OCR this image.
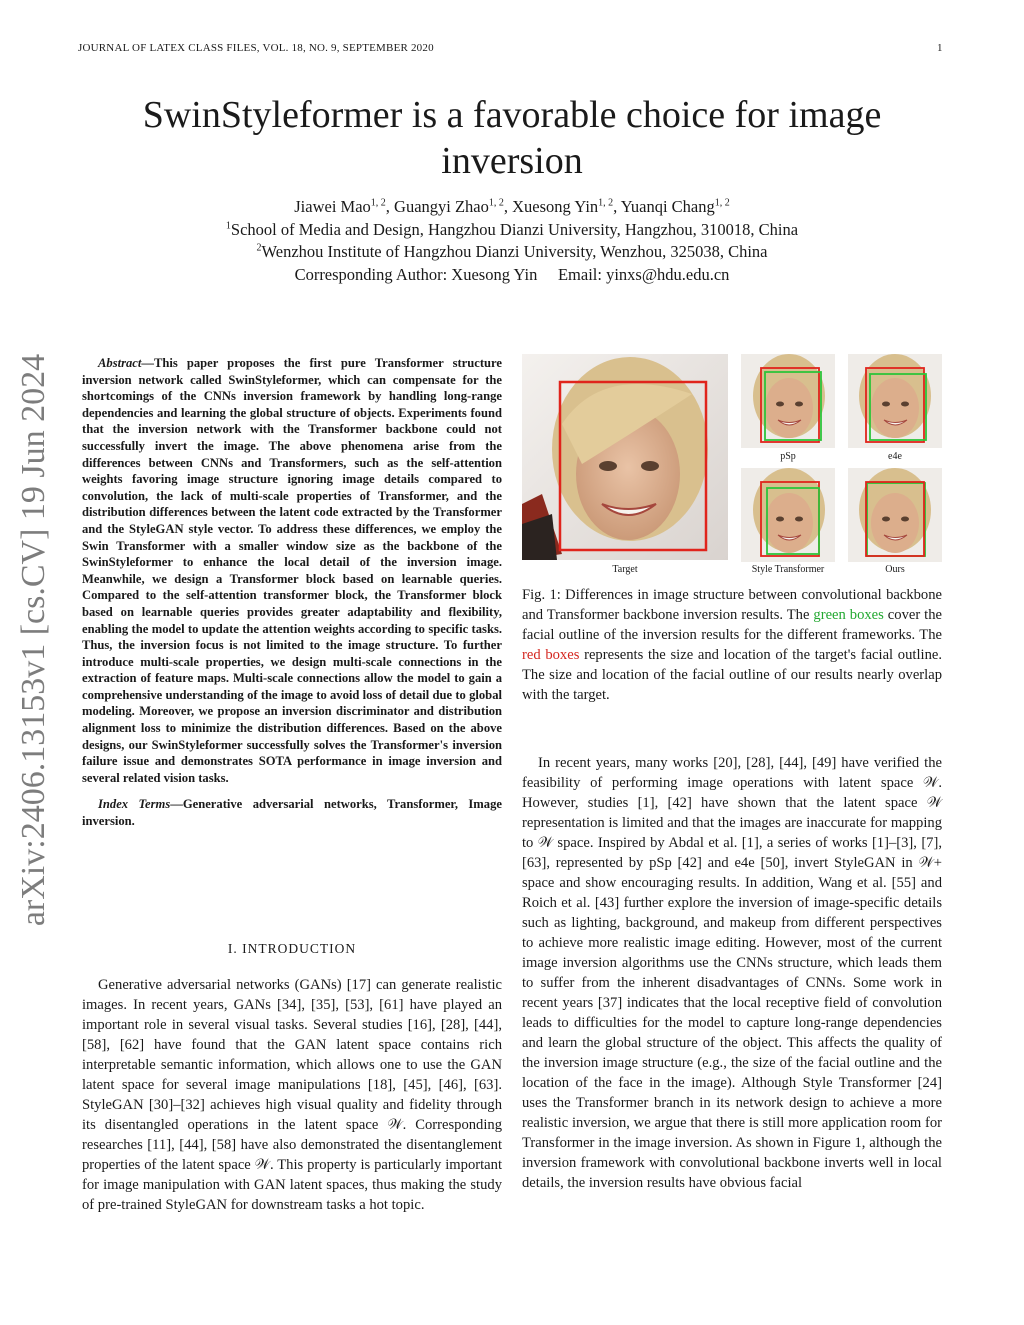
JOURNAL OF LATEX CLASS FILES, VOL. 18, NO. 9, SEPTEMBER 2020	1
SwinStyleformer is a favorable choice for image
inversion
Jiawei Mao$^{1, 2}$, Guangyi Zhao$^{1, 2}$, Xuesong Yin$^{1, 2}$, Yuanqi Chang$^{1, 2}$
$^1$School of Media and Design, Hangzhou Dianzi University, Hangzhou, 310018, China
$^2$Wenzhou Institute of Hangzhou Dianzi University, Wenzhou, 325038, China
Corresponding Author: Xuesong Yin Email: yinxs@hdu.edu.cn
arXiv:2406.13153v1 [cs.CV] 19 Jun 2024	Abstract—This paper proposes the first pure Transformer structure inversion network called SwinStyleformer, which can compensate for the shortcomings of the CNNs inversion framework by handling long-range dependencies and learning the global structure of objects. Experiments found that the inversion network with the Transformer backbone could not successfully invert the image. The above phenomena arise from the differences between CNNs and Transformers, such as the self-attention weights favoring image structure ignoring image details compared to convolution, the lack of multi-scale properties of Transformer, and the distribution differences between the latent code extracted by the Transformer and the StyleGAN style vector. To address these differences, we employ the Swin Transformer with a smaller window size as the backbone of the SwinStyleformer to enhance the local detail of the inversion image. Meanwhile, we design a Transformer block based on learnable queries. Compared to the self-attention transformer block, the Transformer block based on learnable queries provides greater adaptability and flexibility, enabling the model to update the attention weights according to specific tasks. Thus, the inversion focus is not limited to the image structure. To further introduce multi-scale properties, we design multi-scale connections in the extraction of feature maps. Multi-scale connections allow the model to gain a comprehensive understanding of the image to avoid loss of detail due to global modeling. Moreover, we propose an inversion discriminator and distribution alignment loss to minimize the distribution differences. Based on the above designs, our SwinStyleformer successfully solves the Transformer's inversion failure issue and demonstrates SOTA performance in image inversion and several related vision tasks.

Index Terms—Generative adversarial networks, Transformer, Image inversion.

I. INTRODUCTION

Generative adversarial networks (GANs) [17] can generate realistic images. In recent years, GANs [34], [35], [53], [61] have played an important role in several visual tasks. Several studies [16], [28], [44], [58], [62] have found that the GAN latent space contains rich interpretable semantic information, which allows one to use the GAN latent space for several image manipulations [18], [45], [46], [63]. StyleGAN [30]–[32] achieves high visual quality and fidelity through its disentangled operations in the latent space 𝒲. Corresponding researches [11], [44], [58] have also demonstrated the disentanglement properties of the latent space 𝒲. This property is particularly important for image manipulation with GAN latent spaces, thus making the study of pre-trained StyleGAN for downstream tasks a hot topic.

Target
pSp	e4e
Style Transformer	Ours

Fig. 1: Differences in image structure between convolutional backbone and Transformer backbone inversion results. The green boxes cover the facial outline of the inversion results for the different frameworks. The red boxes represents the size and location of the target's facial outline. The size and location of the facial outline of our results nearly overlap with the target.

In recent years, many works [20], [28], [44], [49] have verified the feasibility of performing image operations with latent space 𝒲. However, studies [1], [42] have shown that the latent space 𝒲 representation is limited and that the images are inaccurate for mapping to 𝒲 space. Inspired by Abdal et al. [1], a series of works [1]–[3], [7], [63], represented by pSp [42] and e4e [50], invert StyleGAN in 𝒲+ space and show encouraging results. In addition, Wang et al. [55] and Roich et al. [43] further explore the inversion of image-specific details such as lighting, background, and makeup from different perspectives to achieve more realistic image editing. However, most of the current image inversion algorithms use the CNNs structure, which leads them to suffer from the inherent disadvantages of CNNs. Some work in recent years [37] indicates that the local receptive field of convolution leads to difficulties for the model to capture long-range dependencies and learn the global structure of the object. This affects the quality of the inversion image structure (e.g., the size of the facial outline and the location of the face in the image). Although Style Transformer [24] uses the Transformer branch in its network design to achieve a more realistic inversion, we argue that there is still more application room for Transformer in the image inversion. As shown in Figure 1, although the inversion framework with convolutional backbone inverts well in local details, the inversion results have obvious facial
